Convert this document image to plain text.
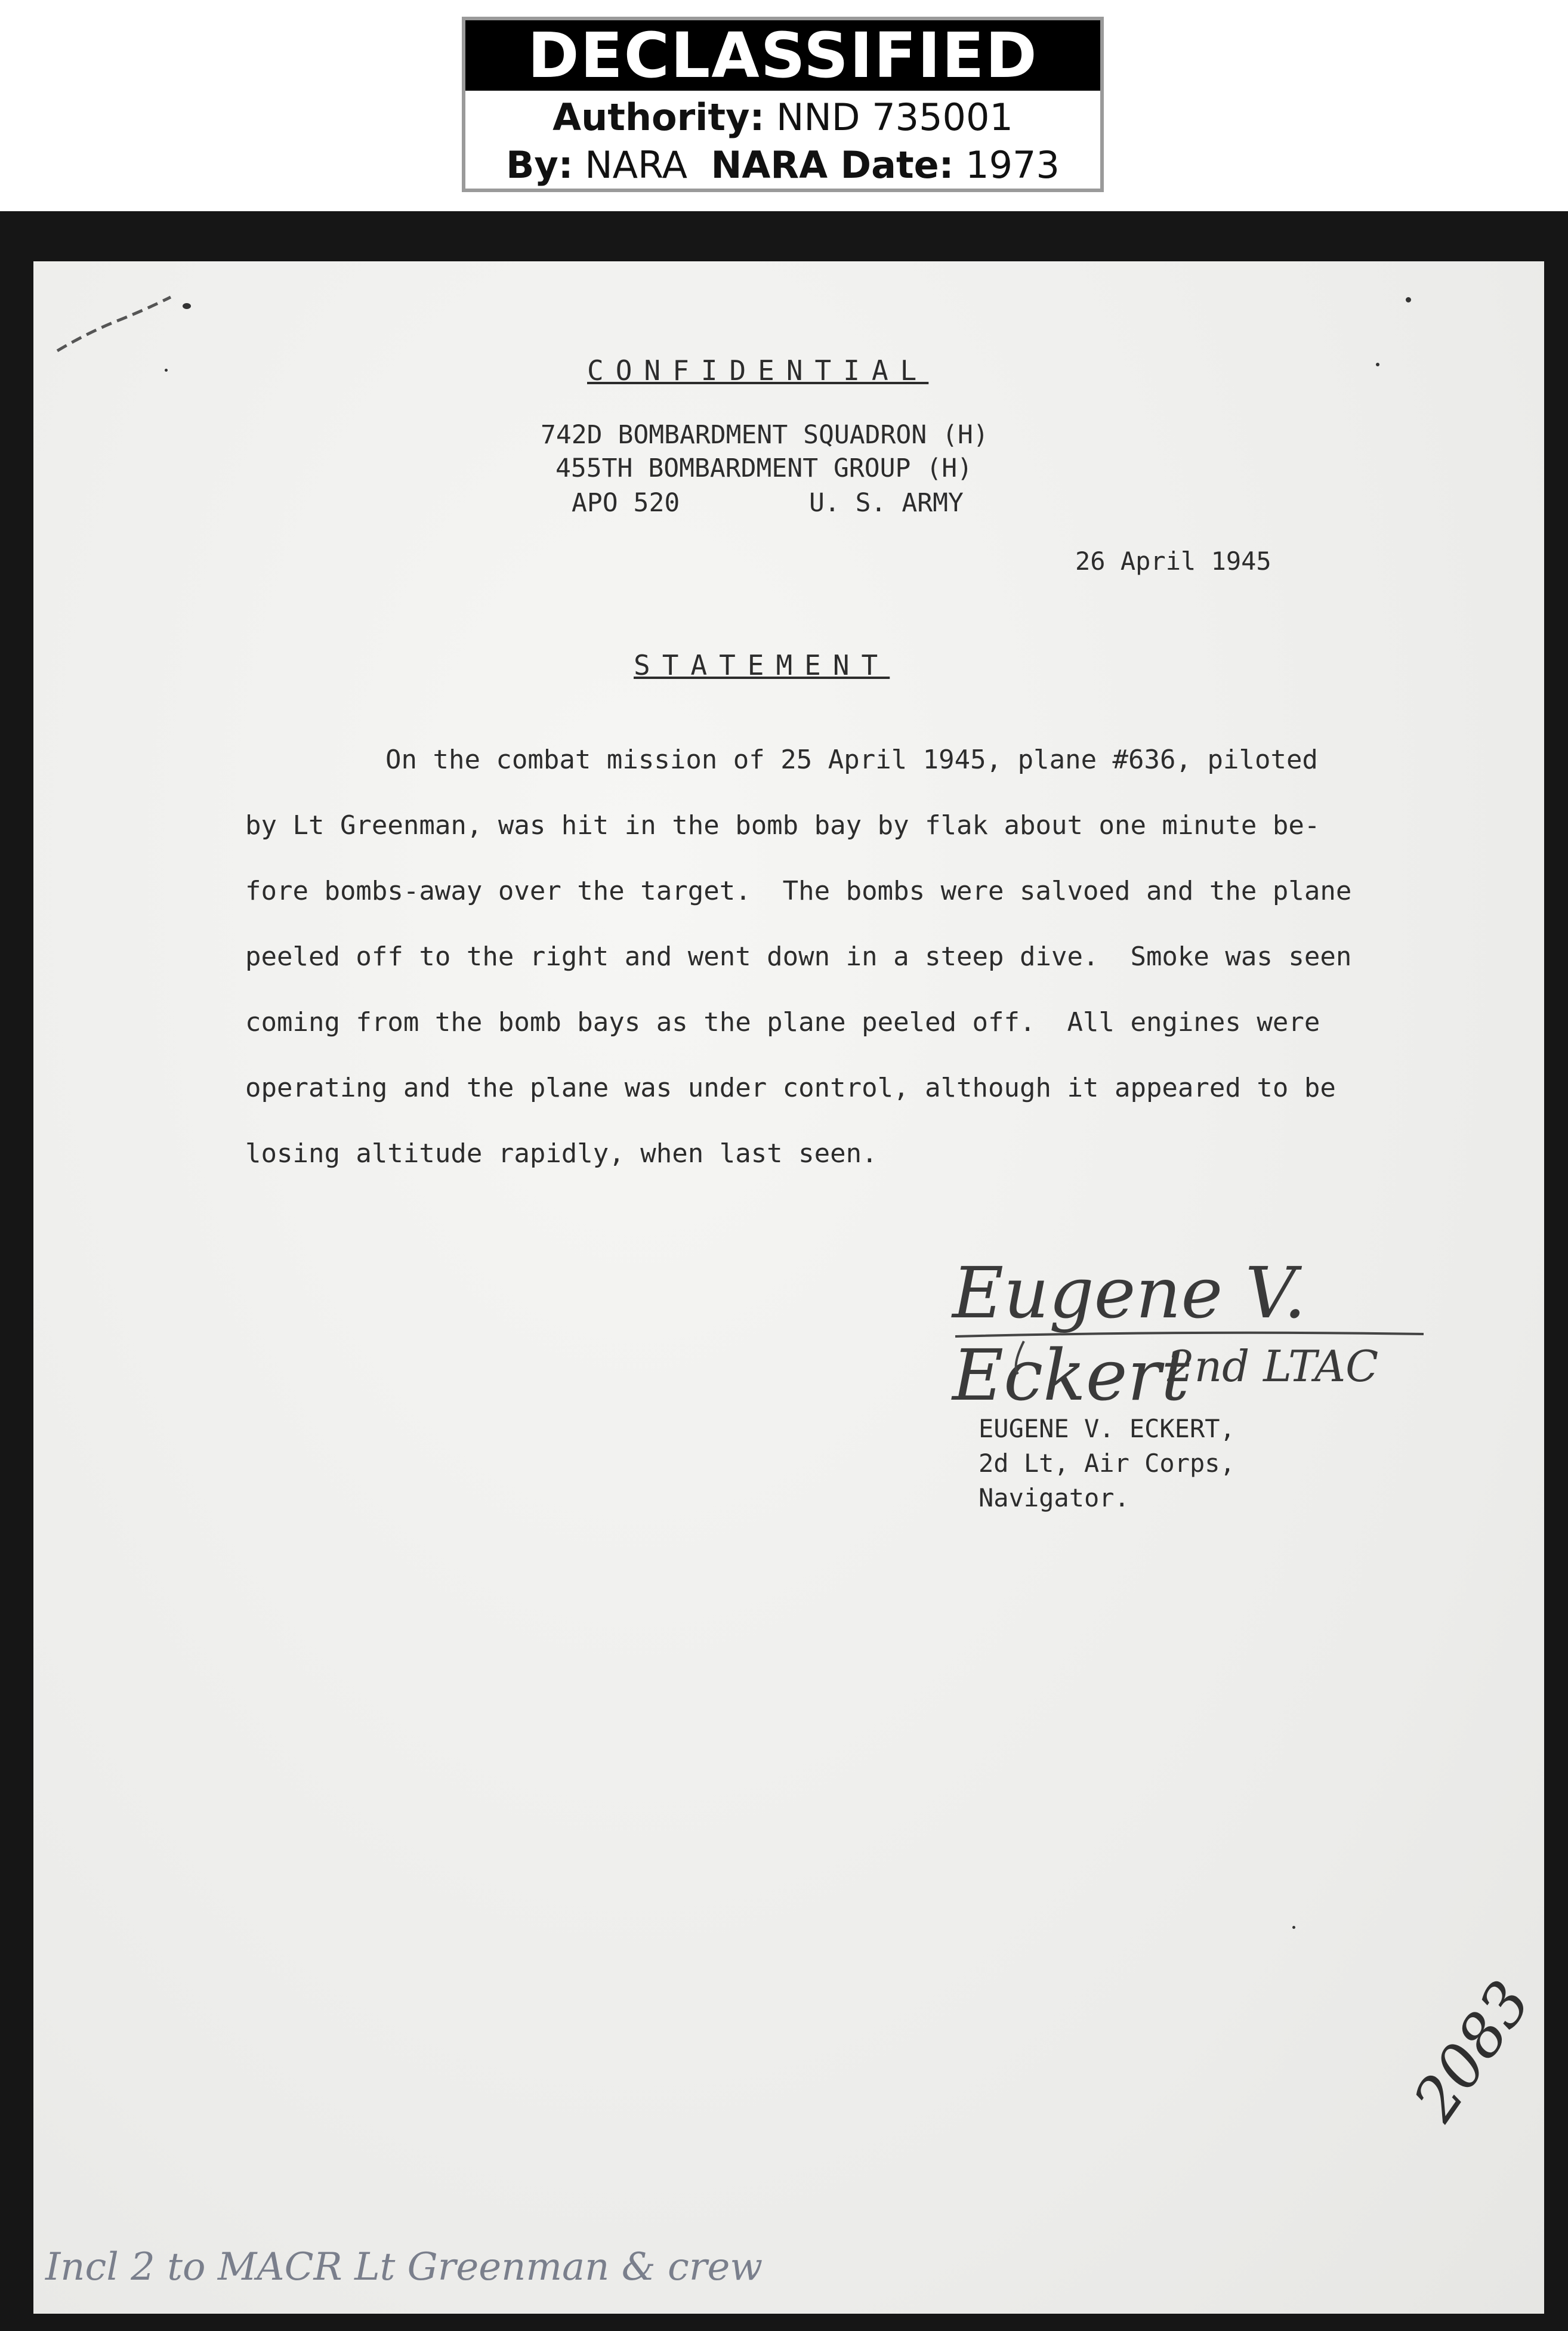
DECLASSIFIED
Authority: NND 735001
By: NARA NARA Date: 1973
CONFIDENTIAL
742D BOMBARDMENT SQUADRON (H)
455TH BOMBARDMENT GROUP (H)
APO 520	U. S. ARMY
26 April 1945
STATEMENT
On the combat mission of 25 April 1945, plane #636, piloted
by Lt Greenman, was hit in the bomb bay by flak about one minute be-
fore bombs-away over the target.  The bombs were salvoed and the plane
peeled off to the right and went down in a steep dive.  Smoke was seen
coming from the bomb bays as the plane peeled off.  All engines were
operating and the plane was under control, although it appeared to be
losing altitude rapidly, when last seen.
Eugene V. Eckert
2nd LTAC
EUGENE V. ECKERT,
2d Lt, Air Corps,
Navigator.
2083
Incl 2 to MACR Lt Greenman & crew
